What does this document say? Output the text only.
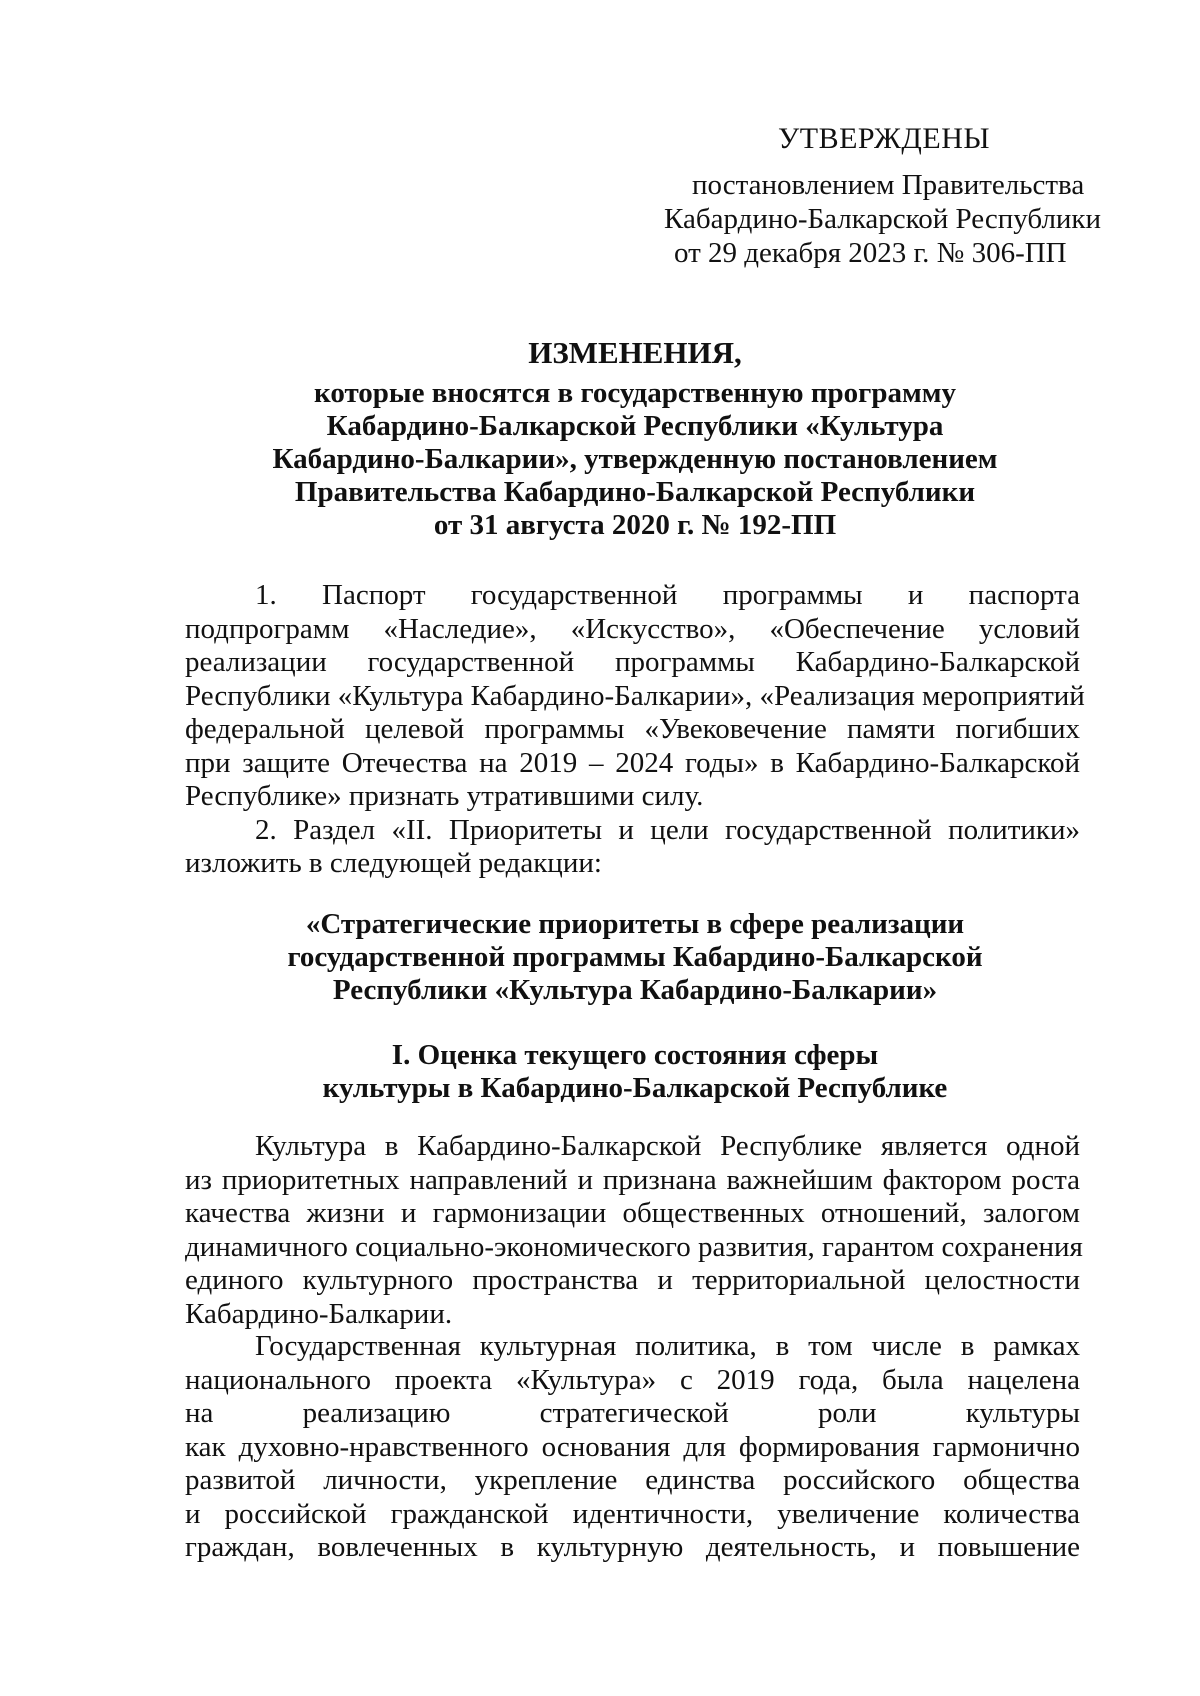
УТВЕРЖДЕНЫ
постановлением Правительства
Кабардино-Балкарской Республики
от 29 декабря 2023 г. № 306-ПП
ИЗМЕНЕНИЯ,
которые вносятся в государственную программу
Кабардино-Балкарской Республики «Культура
Кабардино-Балкарии», утвержденную постановлением
Правительства Кабардино-Балкарской Республики
от 31 августа 2020 г. № 192-ПП
1. Паспорт государственной программы и паспорта
подпрограмм «Наследие», «Искусство», «Обеспечение условий
реализации государственной программы Кабардино-Балкарской
Республики «Культура Кабардино-Балкарии», «Реализация мероприятий
федеральной целевой программы «Увековечение памяти погибших
при защите Отечества на 2019 – 2024 годы» в Кабардино-Балкарской
Республике» признать утратившими силу.
2. Раздел «II. Приоритеты и цели государственной политики»
изложить в следующей редакции:
«Стратегические приоритеты в сфере реализации
государственной программы Кабардино-Балкарской
Республики «Культура Кабардино-Балкарии»
I. Оценка текущего состояния сферы
культуры в Кабардино-Балкарской Республике
Культура в Кабардино-Балкарской Республике является одной
из приоритетных направлений и признана важнейшим фактором роста
качества жизни и гармонизации общественных отношений, залогом
динамичного социально-экономического развития, гарантом сохранения
единого культурного пространства и территориальной целостности
Кабардино-Балкарии.
Государственная культурная политика, в том числе в рамках
национального проекта «Культура» с 2019 года, была нацелена
на реализацию стратегической роли культуры
как духовно-нравственного основания для формирования гармонично
развитой личности, укрепление единства российского общества
и российской гражданской идентичности, увеличение количества
граждан, вовлеченных в культурную деятельность, и повышение
